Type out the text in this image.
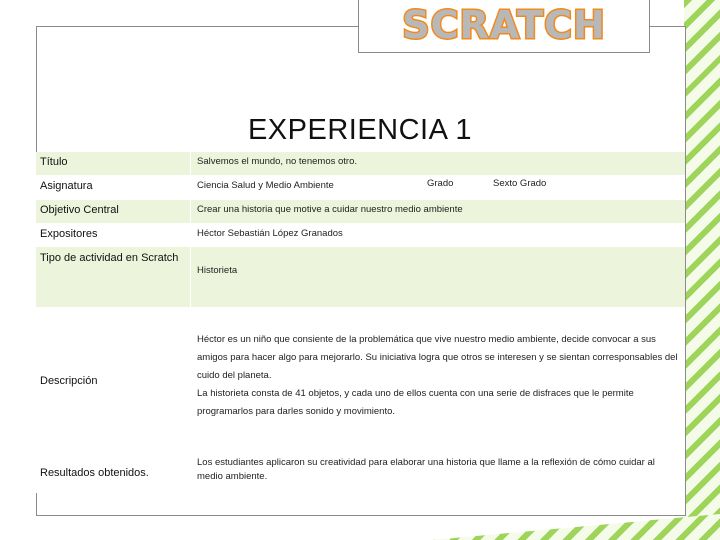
SCRATCH
EXPERIENCIA 1
Título	Salvemos el mundo, no tenemos otro.
Asignatura	Ciencia Salud y Medio Ambiente Grado Sexto Grado

Objetivo Central	Crear una historia que motive a cuidar nuestro medio ambiente
Expositores	Héctor Sebastián López Granados
Tipo de actividad en Scratch	Historieta
Descripción	Héctor es un niño que consiente de la problemática que vive nuestro medio ambiente, decide convocar a sus amigos para hacer algo para mejorarlo. Su iniciativa logra que otros se interesen y se sientan corresponsables del cuido del planeta.

La historieta consta de 41 objetos, y cada uno de ellos cuenta con una serie de disfraces que le permite programarlos para darles sonido y movimiento.

Resultados obtenidos.	Los estudiantes aplicaron su creatividad para elaborar una historia que llame a la reflexión de cómo cuidar al medio ambiente.
